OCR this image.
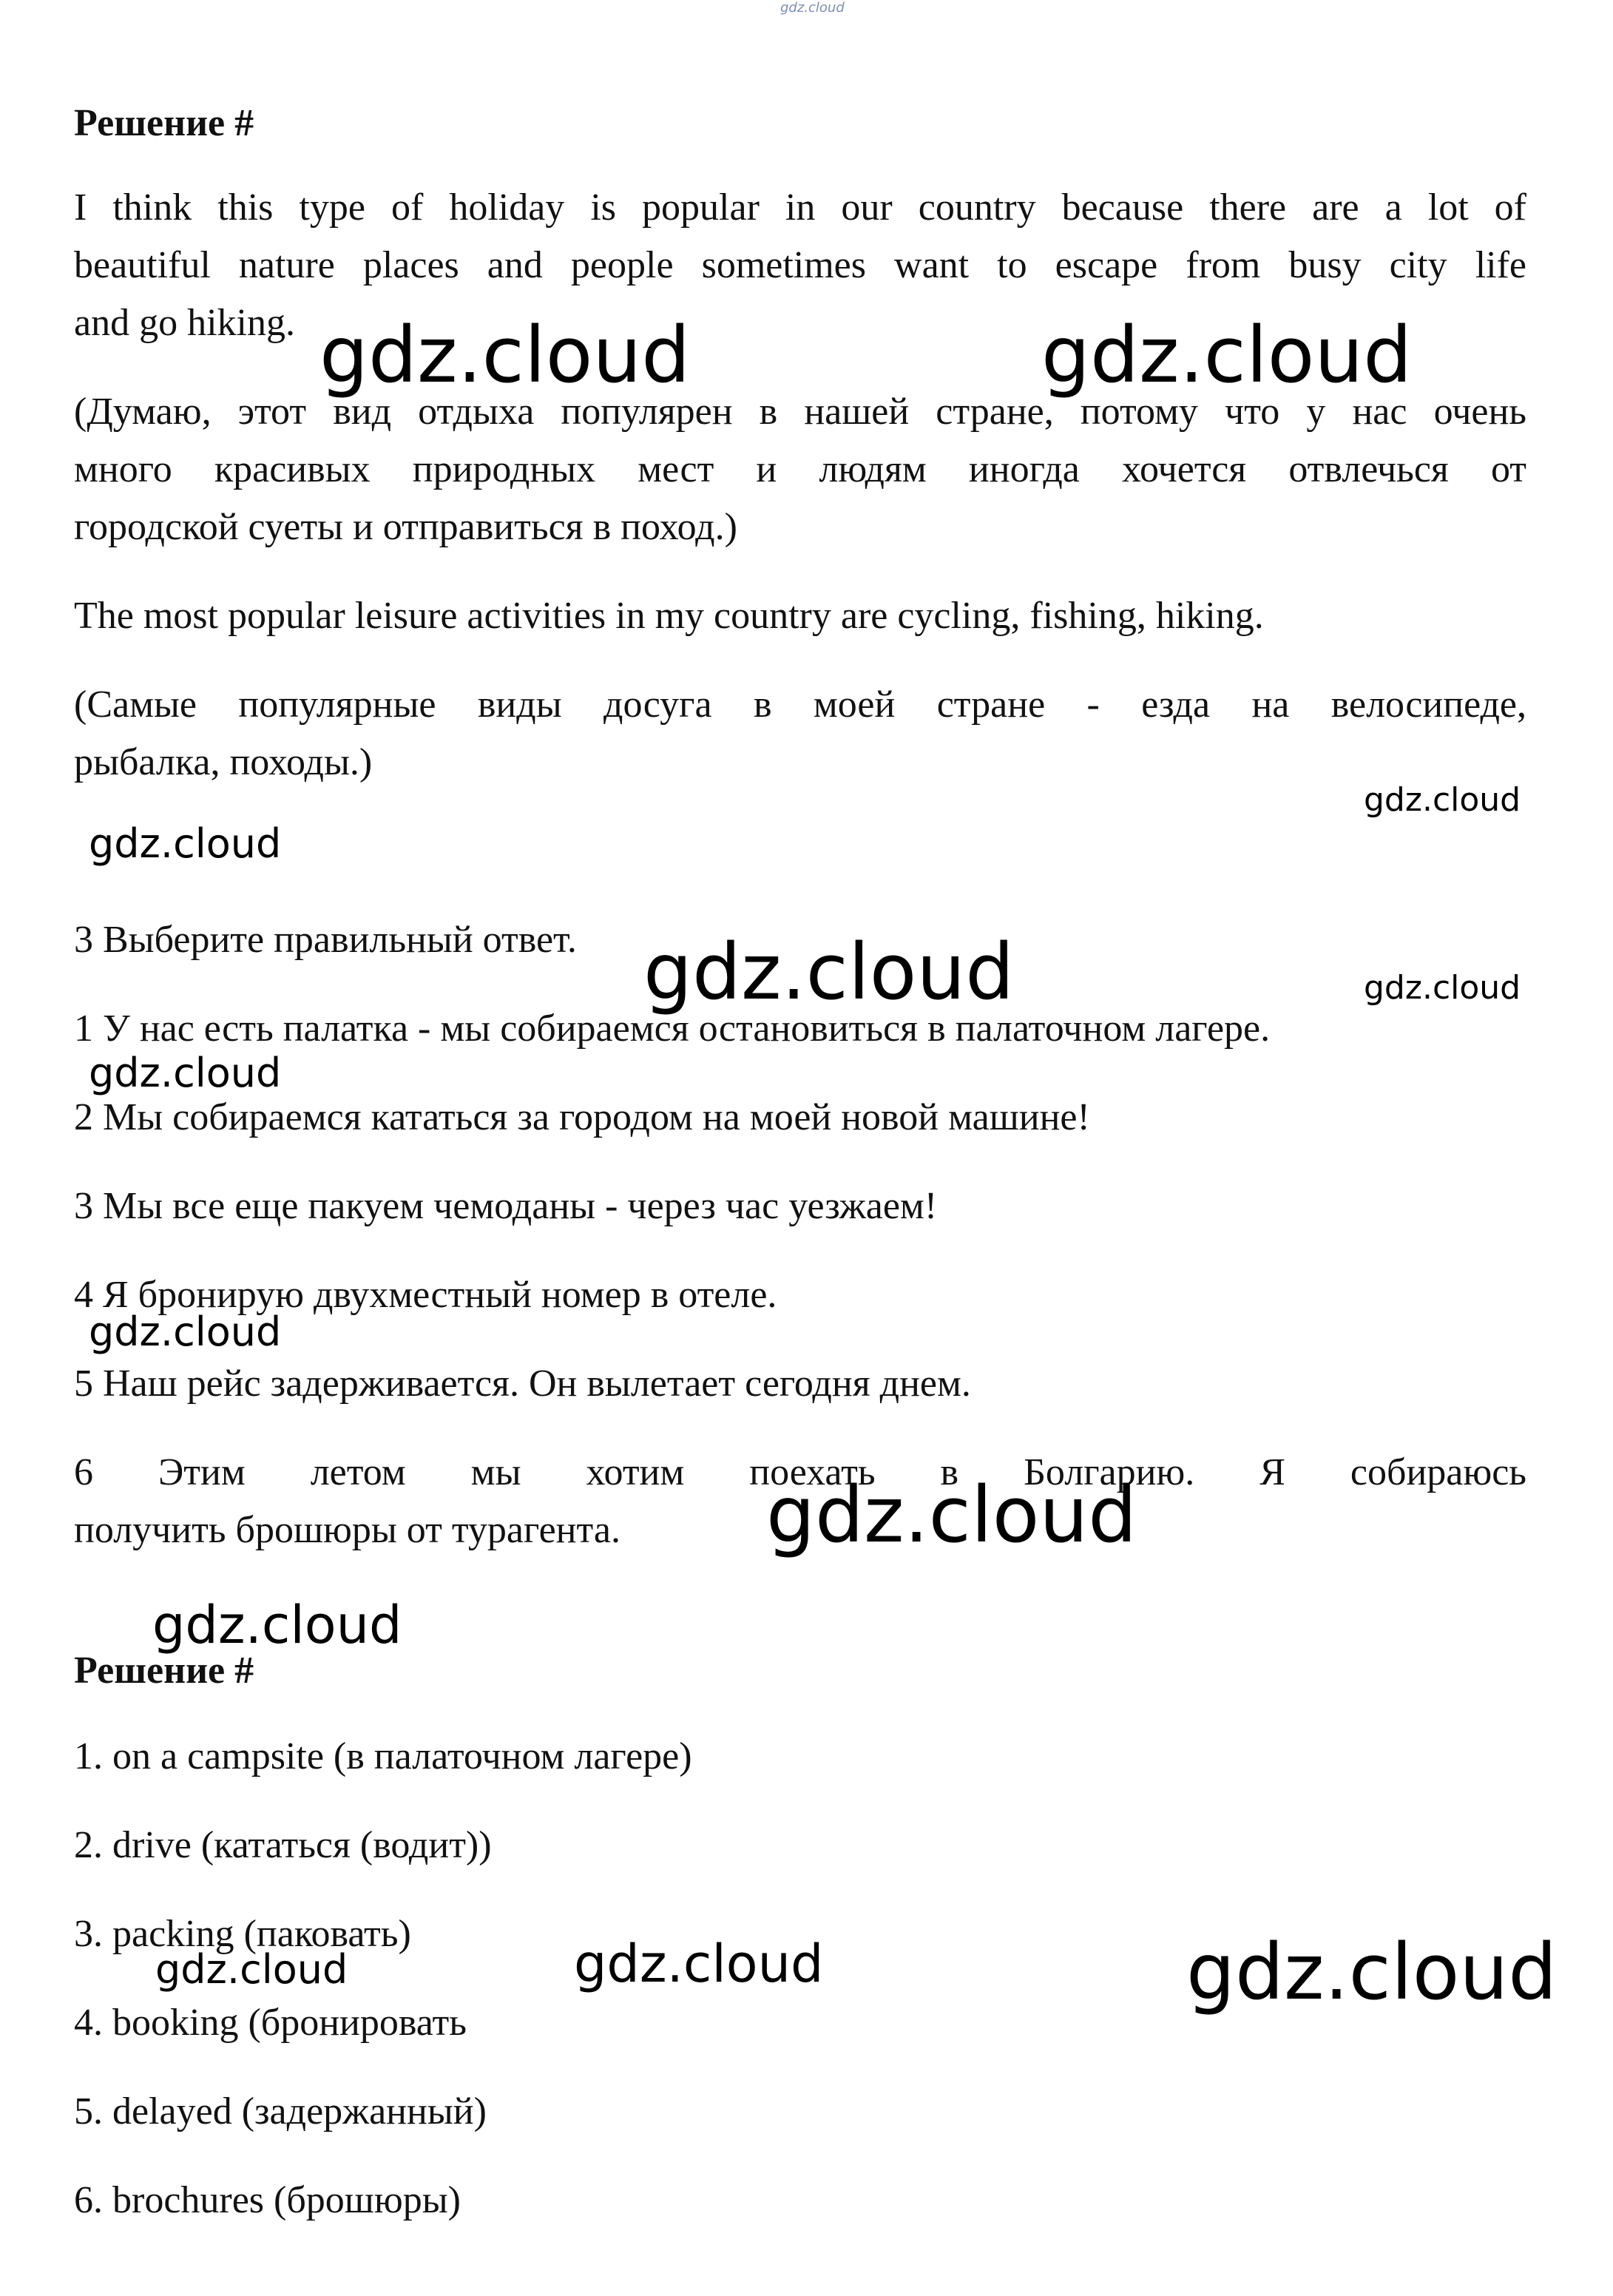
gdz.cloud
Решение #
I think this type of holiday is popular in our country because there are a lot of
beautiful nature places and people sometimes want to escape from busy city life
and go hiking.
(Думаю, этот вид отдыха популярен в нашей стране, потому что у нас очень
много красивых природных мест и людям иногда хочется отвлечься от
городской суеты и отправиться в поход.)
The most popular leisure activities in my country are cycling, fishing, hiking.
(Самые популярные виды досуга в моей стране - езда на велосипеде,
рыбалка, походы.)
3 Выберите правильный ответ.
1 У нас есть палатка - мы собираемся остановиться в палаточном лагере.
2 Мы собираемся кататься за городом на моей новой машине!
3 Мы все еще пакуем чемоданы - через час уезжаем!
4 Я бронирую двухместный номер в отеле.
5 Наш рейс задерживается. Он вылетает сегодня днем.
6 Этим летом мы хотим поехать в Болгарию. Я собираюсь
получить брошюры от турагента.
Решение #
1. on a campsite (в палаточном лагере)
2. drive (кататься (водит))
3. packing (паковать)
4. booking (бронировать
5. delayed (задержанный)
6. brochures (брошюры)
gdz.cloud	gdz.cloud
gdz.cloud
gdz.cloud
gdz.cloud	gdz.cloud
gdz.cloud
gdz.cloud
gdz.cloud
gdz.cloud
gdz.cloud	gdz.cloud	gdz.cloud
